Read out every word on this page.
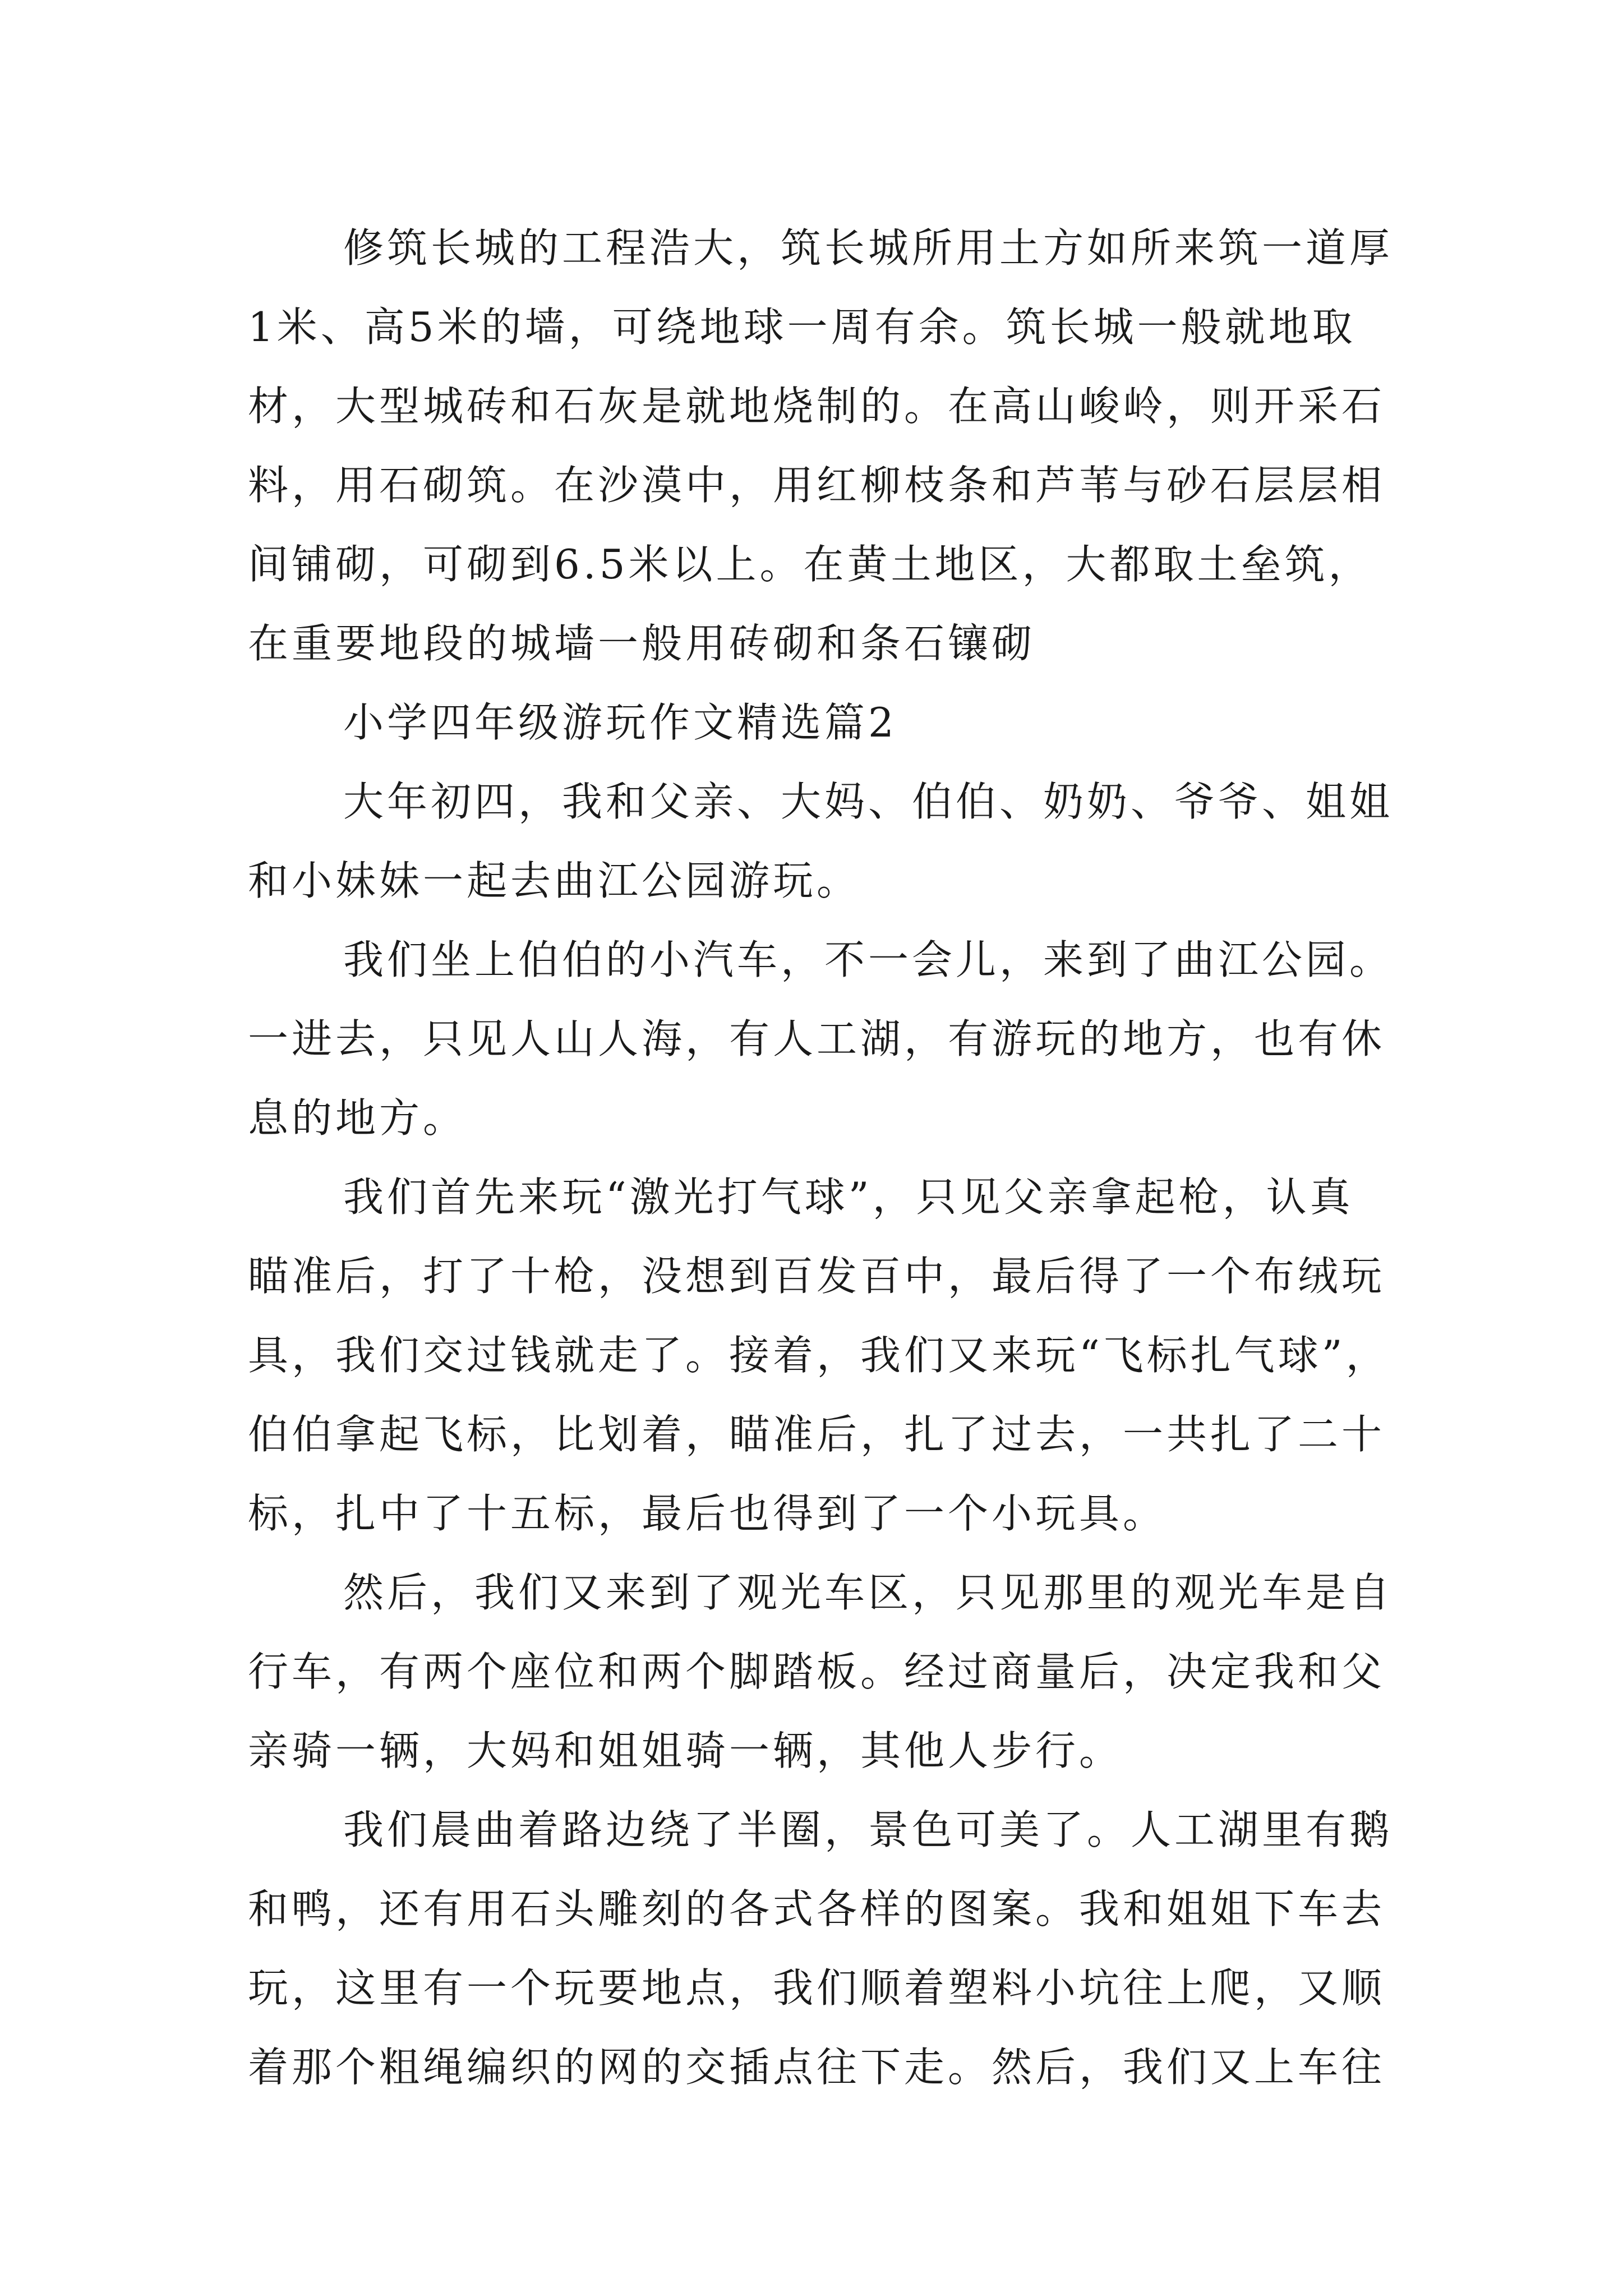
修筑长城的工程浩大，筑长城所用土方如所来筑一道厚
1米、高5米的墙，可绕地球一周有余。筑长城一般就地取
材，大型城砖和石灰是就地烧制的。在高山峻岭，则开采石
料，用石砌筑。在沙漠中，用红柳枝条和芦苇与砂石层层相
间铺砌，可砌到6.5米以上。在黄土地区，大都取土垒筑，
在重要地段的城墙一般用砖砌和条石镶砌
小学四年级游玩作文精选篇2
大年初四，我和父亲、大妈、伯伯、奶奶、爷爷、姐姐
和小妹妹一起去曲江公园游玩。
我们坐上伯伯的小汽车，不一会儿，来到了曲江公园。
一进去，只见人山人海，有人工湖，有游玩的地方，也有休
息的地方。
我们首先来玩“激光打气球”，只见父亲拿起枪，认真
瞄准后，打了十枪，没想到百发百中，最后得了一个布绒玩
具，我们交过钱就走了。接着，我们又来玩“飞标扎气球”，
伯伯拿起飞标，比划着，瞄准后，扎了过去，一共扎了二十
标，扎中了十五标，最后也得到了一个小玩具。
然后，我们又来到了观光车区，只见那里的观光车是自
行车，有两个座位和两个脚踏板。经过商量后，决定我和父
亲骑一辆，大妈和姐姐骑一辆，其他人步行。
我们晨曲着路边绕了半圈，景色可美了。人工湖里有鹅
和鸭，还有用石头雕刻的各式各样的图案。我和姐姐下车去
玩，这里有一个玩要地点，我们顺着塑料小坑往上爬，又顺
着那个粗绳编织的网的交插点往下走。然后，我们又上车往
